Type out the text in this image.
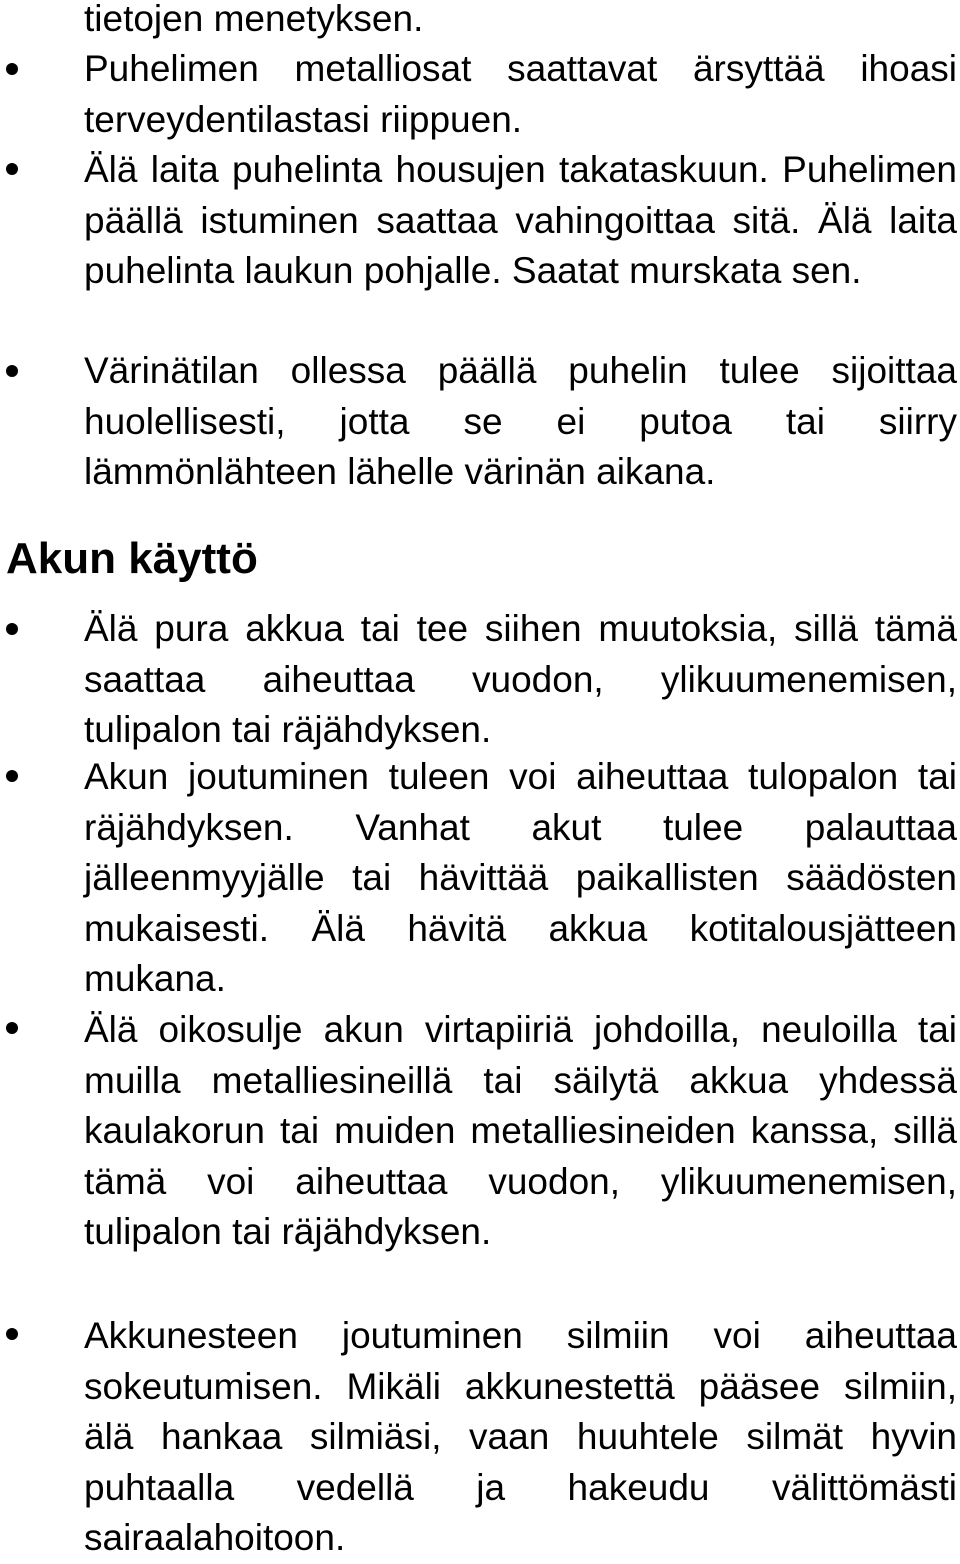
tietojen menetyksen.

Puhelimen metalliosat saattavat ärsyttää ihoasi terveydentilastasi riippuen.

Älä laita puhelinta housujen takataskuun. Puhelimen päällä istuminen saattaa vahingoittaa sitä. Älä laita puhelinta laukun pohjalle. Saatat murskata sen.

Värinätilan ollessa päällä puhelin tulee sijoittaa huolellisesti, jotta se ei putoa tai siirry lämmönlähteen lähelle värinän aikana.

Akun käyttö

Älä pura akkua tai tee siihen muutoksia, sillä tämä saattaa aiheuttaa vuodon, ylikuumenemisen, tulipalon tai räjähdyksen.

Akun joutuminen tuleen voi aiheuttaa tulopalon tai räjähdyksen. Vanhat akut tulee palauttaa jälleenmyyjälle tai hävittää paikallisten säädösten mukaisesti. Älä hävitä akkua kotitalousjätteen mukana.

Älä oikosulje akun virtapiiriä johdoilla, neuloilla tai muilla metalliesineillä tai säilytä akkua yhdessä kaulakorun tai muiden metalliesineiden kanssa, sillä tämä voi aiheuttaa vuodon, ylikuumenemisen, tulipalon tai räjähdyksen.

Akkunesteen joutuminen silmiin voi aiheuttaa sokeutumisen. Mikäli akkunestettä pääsee silmiin, älä hankaa silmiäsi, vaan huuhtele silmät hyvin puhtaalla vedellä ja hakeudu välittömästi sairaalahoitoon.
